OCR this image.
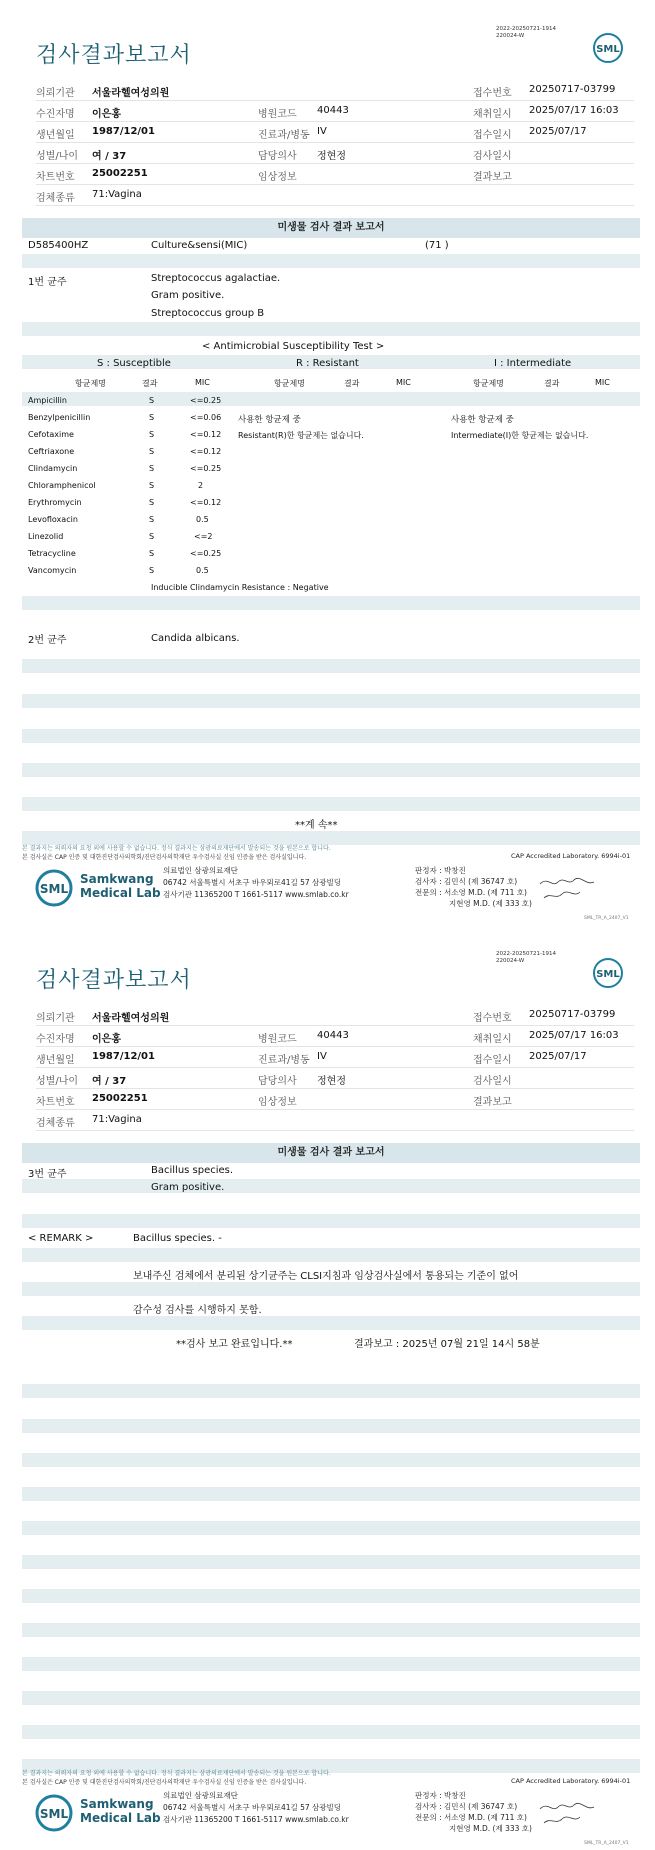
2022-20250721-1914
220024-W
검사결과보고서	SML
의뢰기관 서울라헬여성의원	접수번호 20250717-03799
수진자명 이은홍	병원코드 40443	채취일시 2025/07/17 16:03
생년월일 1987/12/01	진료과/병동 IV	접수일시 2025/07/17
성별/나이 여 / 37	담당의사 정현정	검사일시
차트번호 25002251	임상정보	결과보고
검체종류 71:Vagina
미생물 검사 결과 보고서
D585400HZ	Culture&sensi(MIC)	(71 )
1번 균주	Streptococcus agalactiae.
Gram positive.
Streptococcus group B
< Antimicrobial Susceptibility Test >
S : Susceptible	R : Resistant	I : Intermediate
항균제명	결과	MIC	항균제명	결과	MIC	항균제명	결과	MIC
Ampicillin	S	<=0.25
Benzylpenicillin	S	<=0.06
Cefotaxime	S	<=0.12
Ceftriaxone	S	<=0.12
Clindamycin	S	<=0.25
Chloramphenicol	S	2
Erythromycin	S	<=0.12
Levofloxacin	S	0.5
Linezolid	S	<=2
Tetracycline	S	<=0.25
Vancomycin	S	0.5
사용한 항균제 중
Resistant(R)한 항균제는 없습니다.
사용한 항균제 중
Intermediate(I)한 항균제는 없습니다.
Inducible Clindamycin Resistance : Negative
2번 균주	Candida albicans.
**계 속**
본 결과지는 의뢰자의 요청 외에 사용할 수 없습니다. 정식 결과지는 삼광의료재단에서 발송되는 것을 원본으로 합니다.
본 검사실은 CAP 인증 및 대한진단검사의학회/진단검사의학재단 우수검사실 신임 인증을 받은 검사실입니다.	CAP Accredited Laboratory. 6994i-01
SML
Samkwang
Medical Lab
의료법인 삼광의료재단
06742 서울특별시 서초구 바우뫼로41길 57 삼광빌딩
검사기관 11365200 T 1661-5117 www.smlab.co.kr
판정자 : 박창진
검사자 : 김민식 (제 36747 호)
전문의 : 서소영 M.D. (제 711 호)
지현영 M.D. (제 333 호)
SML_TR_A_2407_V1
2022-20250721-1914
220024-W
검사결과보고서	SML
의뢰기관 서울라헬여성의원	접수번호 20250717-03799
수진자명 이은홍	병원코드 40443	채취일시 2025/07/17 16:03
생년월일 1987/12/01	진료과/병동 IV	접수일시 2025/07/17
성별/나이 여 / 37	담당의사 정현정	검사일시
차트번호 25002251	임상정보	결과보고
검체종류 71:Vagina
미생물 검사 결과 보고서
3번 균주	Bacillus species.
Gram positive.
< REMARK >	Bacillus species. -
보내주신 검체에서 분리된 상기균주는 CLSI지침과 임상검사실에서 통용되는 기준이 없어
감수성 검사를 시행하지 못함.
**검사 보고 완료입니다.**	결과보고 : 2025년 07월 21일 14시 58분
본 결과지는 의뢰자의 요청 외에 사용할 수 없습니다. 정식 결과지는 삼광의료재단에서 발송되는 것을 원본으로 합니다.
본 검사실은 CAP 인증 및 대한진단검사의학회/진단검사의학재단 우수검사실 신임 인증을 받은 검사실입니다.	CAP Accredited Laboratory. 6994i-01
SML
Samkwang
Medical Lab
의료법인 삼광의료재단
06742 서울특별시 서초구 바우뫼로41길 57 삼광빌딩
검사기관 11365200 T 1661-5117 www.smlab.co.kr
판정자 : 박창진
검사자 : 김민식 (제 36747 호)
전문의 : 서소영 M.D. (제 711 호)
지현영 M.D. (제 333 호)
SML_TR_A_2407_V1
